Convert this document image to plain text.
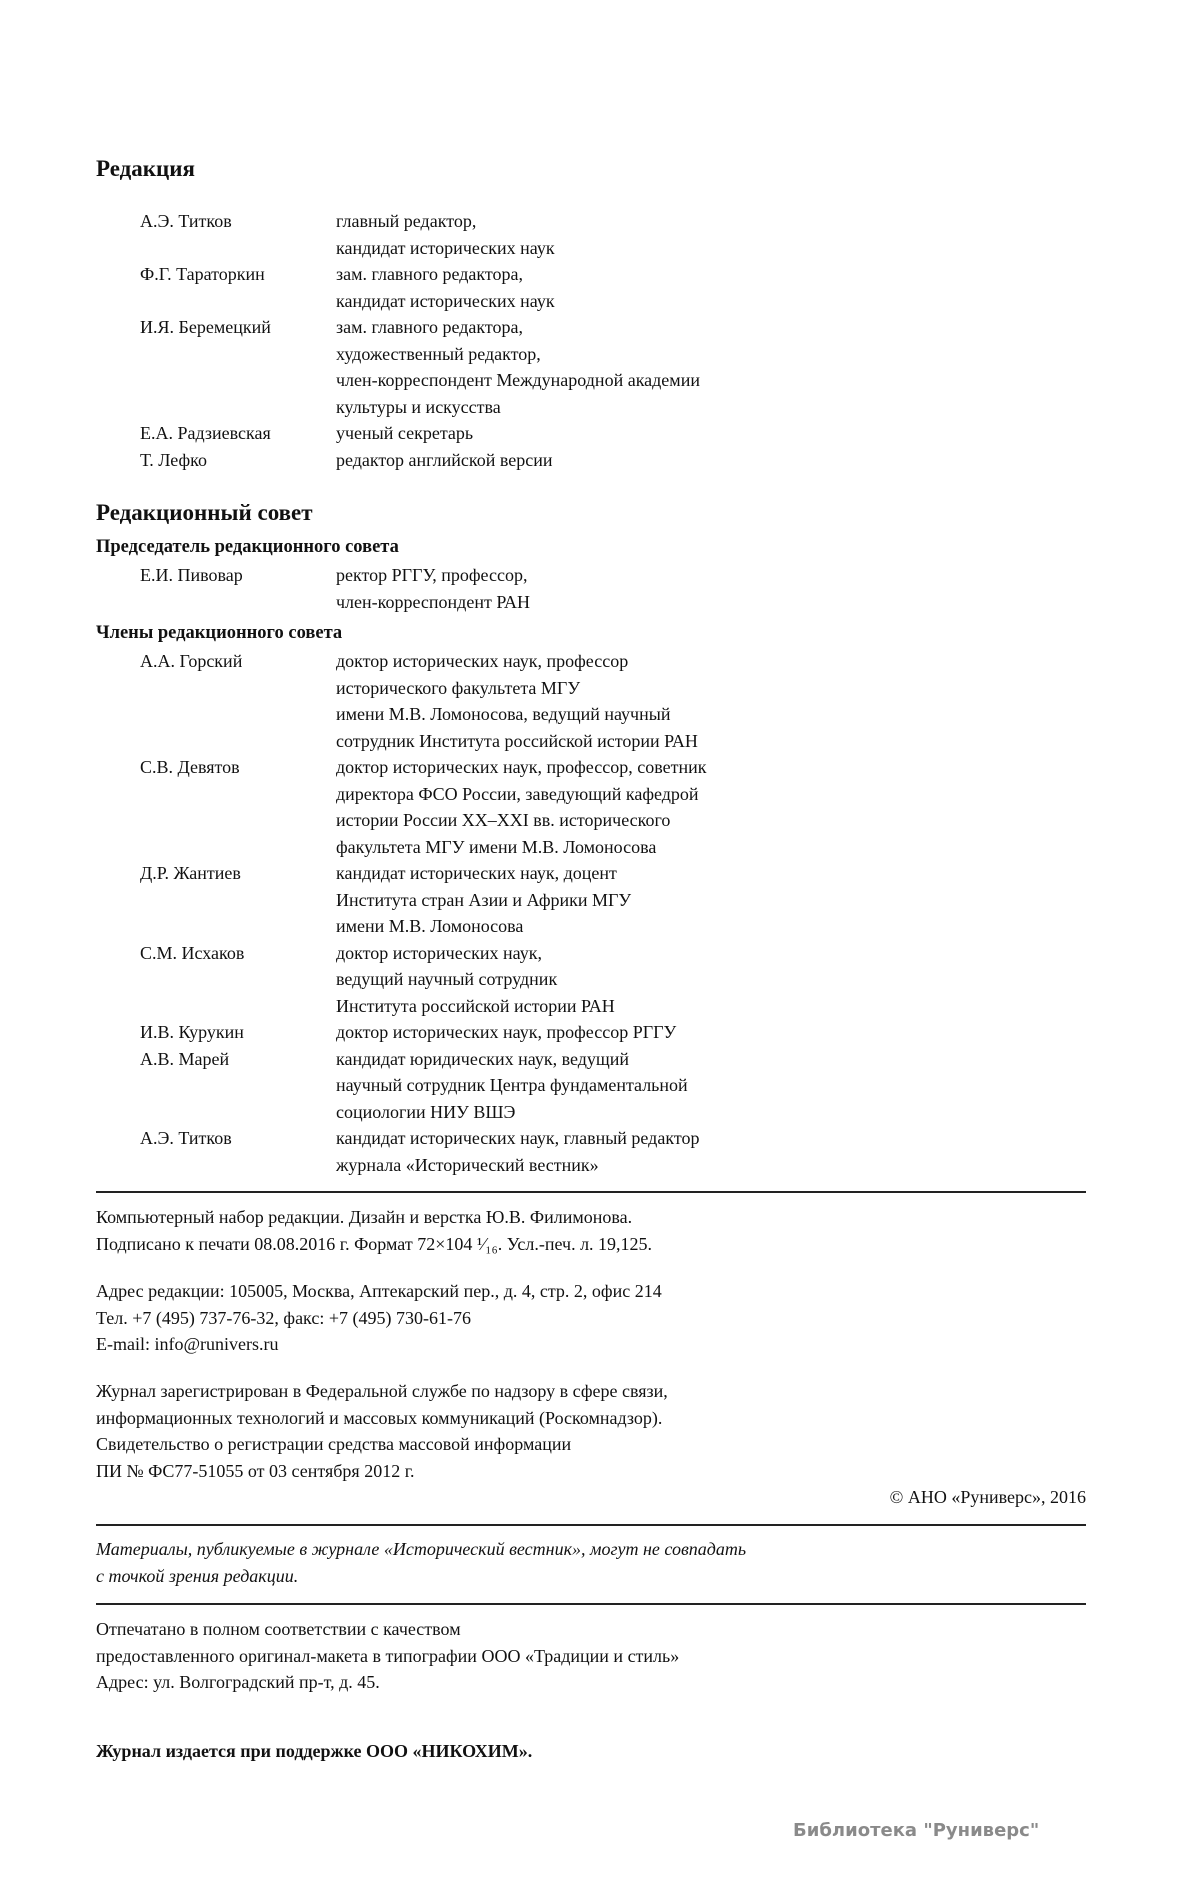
Редакция
А.Э. Титков	главный редактор,
кандидат исторических наук
Ф.Г. Тараторкин	зам. главного редактора,
кандидат исторических наук
И.Я. Беремецкий	зам. главного редактора,
художественный редактор,
член-корреспондент Международной академии
культуры и искусства
Е.А. Радзиевская	ученый секретарь
Т. Лефко	редактор английской версии
Редакционный совет
Председатель редакционного совета
Е.И. Пивовар	ректор РГГУ, профессор,
член-корреспондент РАН
Члены редакционного совета
А.А. Горский	доктор исторических наук, профессор
исторического факультета МГУ
имени М.В. Ломоносова, ведущий научный
сотрудник Института российской истории РАН
С.В. Девятов	доктор исторических наук, профессор, советник
директора ФСО России, заведующий кафедрой
истории России XX–XXI вв. исторического
факультета МГУ имени М.В. Ломоносова
Д.Р. Жантиев	кандидат исторических наук, доцент
Института стран Азии и Африки МГУ
имени М.В. Ломоносова
С.М. Исхаков	доктор исторических наук,
ведущий научный сотрудник
Института российской истории РАН
И.В. Курукин	доктор исторических наук, профессор РГГУ
А.В. Марей	кандидат юридических наук, ведущий
научный сотрудник Центра фундаментальной
социологии НИУ ВШЭ
А.Э. Титков	кандидат исторических наук, главный редактор
журнала «Исторический вестник»
Компьютерный набор редакции. Дизайн и верстка Ю.В. Филимонова.
Подписано к печати 08.08.2016 г. Формат 72×104 ¹⁄₁₆. Усл.-печ. л. 19,125.
Адрес редакции: 105005, Москва, Аптекарский пер., д. 4, стр. 2, офис 214
Тел. +7 (495) 737-76-32, факс: +7 (495) 730-61-76
E-mail: info@runivers.ru
Журнал зарегистрирован в Федеральной службе по надзору в сфере связи,
информационных технологий и массовых коммуникаций (Роскомнадзор).
Свидетельство о регистрации средства массовой информации
ПИ № ФС77-51055 от 03 сентября 2012 г.
© АНО «Руниверс», 2016
Материалы, публикуемые в журнале «Исторический вестник», могут не совпадать
с точкой зрения редакции.
Отпечатано в полном соответствии с качеством
предоставленного оригинал-макета в типографии ООО «Традиции и стиль»
Адрес: ул. Волгоградский пр-т, д. 45.
Журнал издается при поддержке ООО «НИКОХИМ».
Библиотека "Руниверс"
